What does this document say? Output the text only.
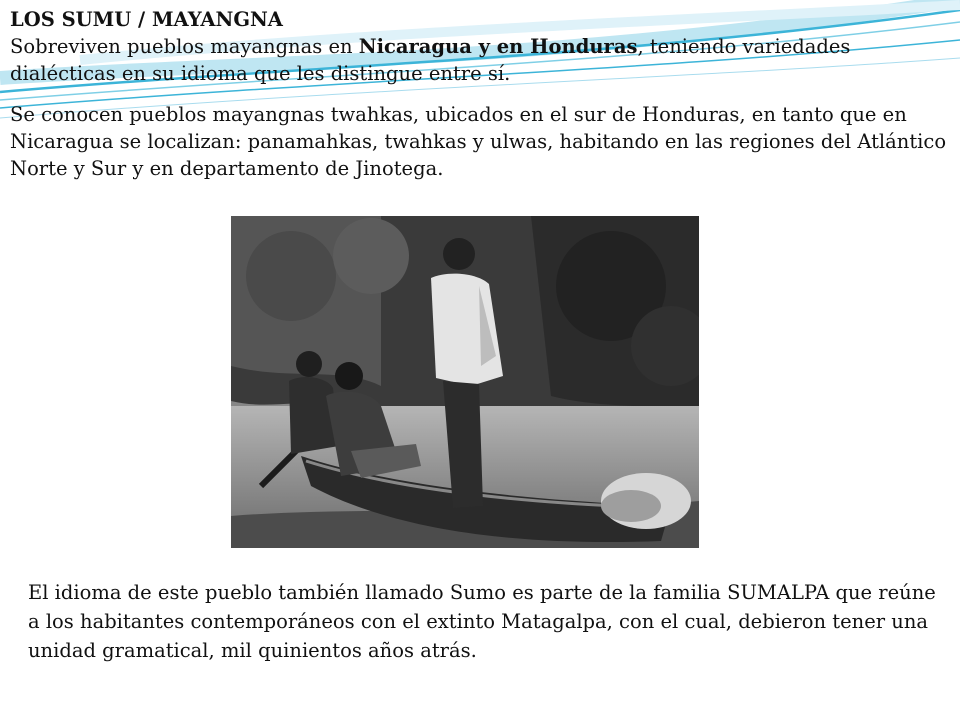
LOS SUMU / MAYANGNA
Sobreviven pueblos mayangnas en Nicaragua y en Honduras, teniendo variedades dialécticas en su idioma que les distingue entre sí.
Se conocen pueblos mayangnas twahkas, ubicados en el sur de Honduras, en tanto que en Nicaragua se localizan: panamahkas, twahkas y ulwas, habitando en las regiones del Atlántico Norte y Sur y en departamento de Jinotega.
El idioma de este pueblo también llamado Sumo es parte de la familia SUMALPA que reúne
a los habitantes contemporáneos con el extinto Matagalpa, con el cual, debieron tener una
unidad gramatical, mil quinientos años atrás.
